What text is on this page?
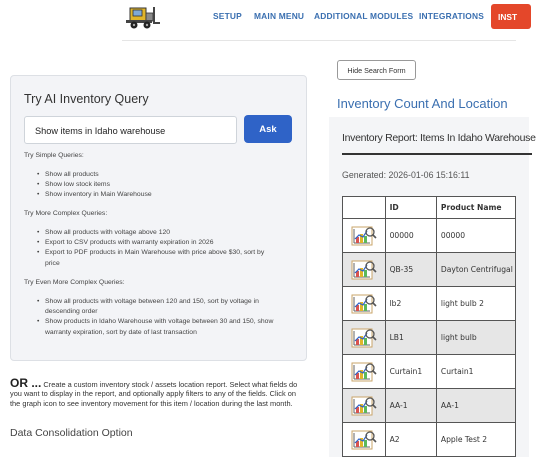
SETUP MAIN MENU ADDITIONAL MODULES INTEGRATIONS	INST
Try AI Inventory Query
Show items in Idaho warehouse	Ask
Try Simple Queries:
• Show all products
• Show low stock items
• Show inventory in Main Warehouse
Try More Complex Queries:
• Show all products with voltage above 120
• Export to CSV products with warranty expiration in 2026
• Export to PDF products in Main Warehouse with price above $30, sort by price
Try Even More Complex Queries:
• Show all products with voltage between 120 and 150, sort by voltage in descending order
• Show products in Idaho Warehouse with voltage between 30 and 150, show warranty expiration, sort by date of last transaction
OR ... Create a custom inventory stock / assets location report. Select what fields do you want to display in the report, and optionally apply filters to any of the fields. Click on the graph icon to see inventory movement for this item / location during the last month.
Data Consolidation Option
Hide Search Form
Inventory Count And Location
Inventory Report: Items In Idaho Warehouse
Generated: 2026-01-06 15:16:11
	ID	Product Name

	00000	00000

	QB-35	Dayton Centrifugal

	lb2	light bulb 2

	LB1	light bulb

	Curtain1	Curtain1

	AA-1	AA-1

	A2	Apple Test 2
